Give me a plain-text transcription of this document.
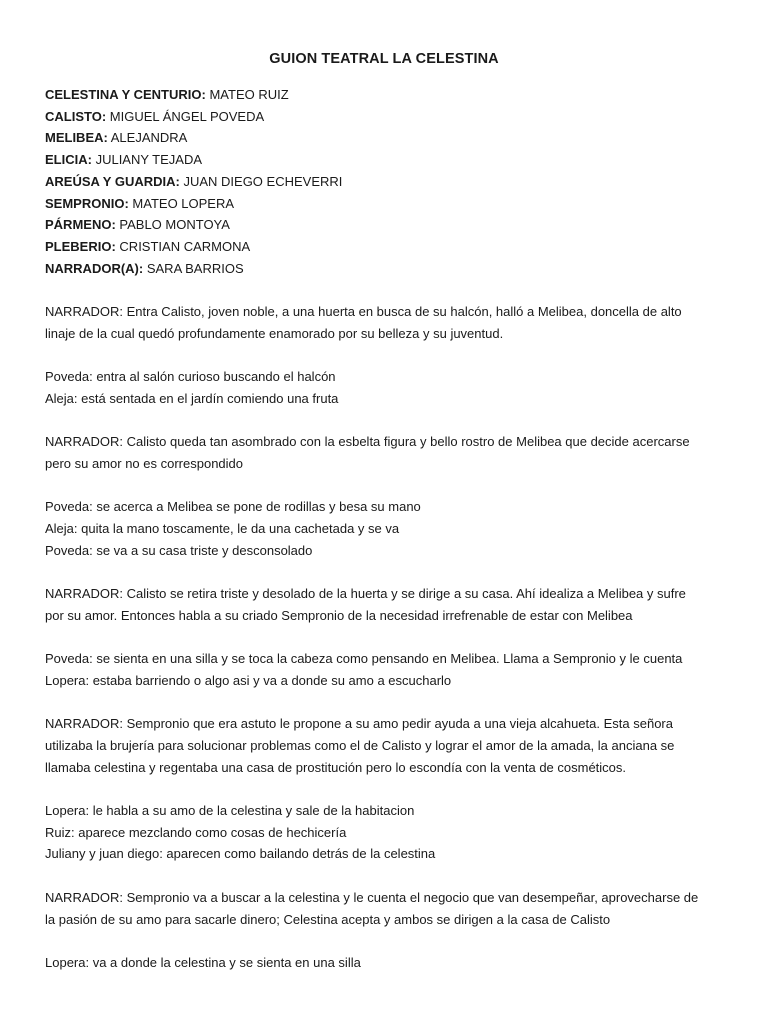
GUION TEATRAL LA CELESTINA
CELESTINA Y CENTURIO: MATEO RUIZ
CALISTO: MIGUEL ÁNGEL POVEDA
MELIBEA: ALEJANDRA
ELICIA: JULIANY TEJADA
AREÚSA Y GUARDIA: JUAN DIEGO ECHEVERRI
SEMPRONIO: MATEO LOPERA
PÁRMENO: PABLO MONTOYA
PLEBERIO: CRISTIAN CARMONA
NARRADOR(A): SARA BARRIOS
NARRADOR: Entra Calisto, joven noble, a una huerta en busca de su halcón, halló a Melibea, doncella de alto
linaje de la cual quedó profundamente enamorado por su belleza y su juventud.
Poveda: entra al salón curioso buscando el halcón
Aleja: está sentada en el jardín comiendo una fruta
NARRADOR: Calisto queda tan asombrado con la esbelta figura y bello rostro de Melibea que decide acercarse
pero su amor no es correspondido
Poveda: se acerca a Melibea se pone de rodillas y besa su mano
Aleja: quita la mano toscamente, le da una cachetada y se va
Poveda: se va a su casa triste y desconsolado
NARRADOR: Calisto se retira triste y desolado de la huerta y se dirige a su casa. Ahí idealiza a Melibea y sufre
por su amor. Entonces habla a su criado Sempronio de la necesidad irrefrenable de estar con Melibea
Poveda: se sienta en una silla y se toca la cabeza como pensando en Melibea. Llama a Sempronio y le cuenta
Lopera: estaba barriendo o algo asi y va a donde su amo a escucharlo
NARRADOR: Sempronio que era astuto le propone a su amo pedir ayuda a una vieja alcahueta. Esta señora
utilizaba la brujería para solucionar problemas como el de Calisto y lograr el amor de la amada, la anciana se
llamaba celestina y regentaba una casa de prostitución pero lo escondía con la venta de cosméticos.
Lopera: le habla a su amo de la celestina y sale de la habitacion
Ruiz: aparece mezclando como cosas de hechicería
Juliany y juan diego: aparecen como bailando detrás de la celestina
NARRADOR: Sempronio va a buscar a la celestina y le cuenta el negocio que van desempeñar, aprovecharse de
la pasión de su amo para sacarle dinero; Celestina acepta y ambos se dirigen a la casa de Calisto
Lopera: va a donde la celestina y se sienta en una silla
